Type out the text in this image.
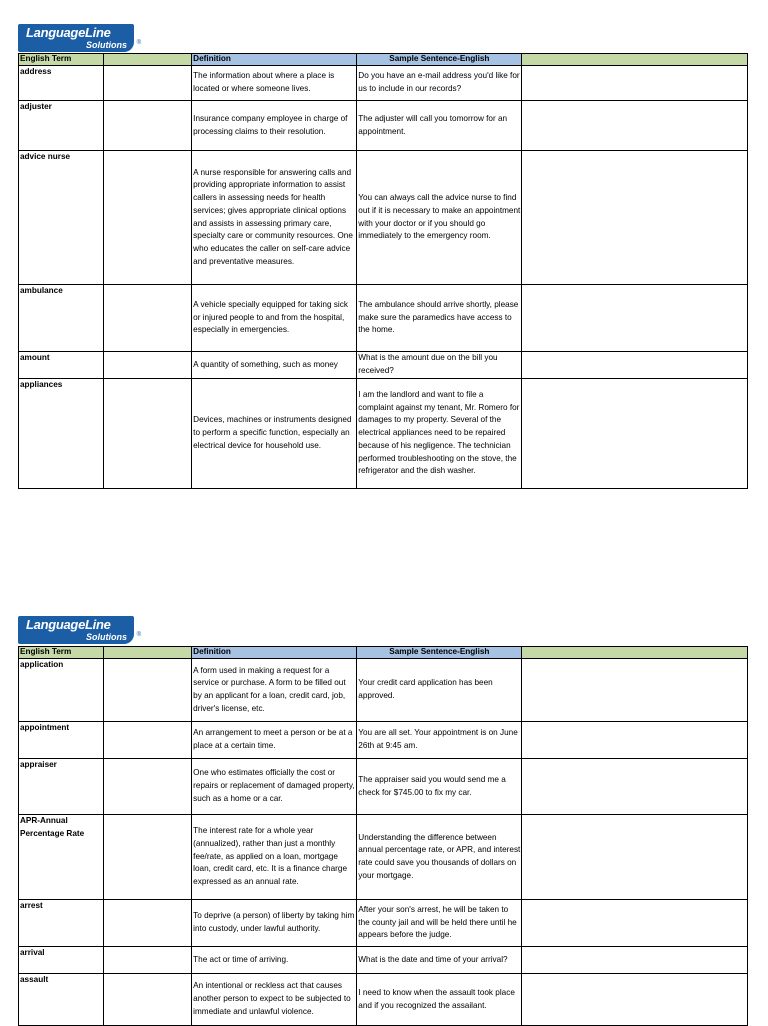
LanguageLine
Solutions	®
English Term		Definition	Sample Sentence-English	
address		The information about where a place is located or where someone lives.	Do you have an e-mail address you'd like for us to include in our records?	
adjuster		Insurance company employee in charge of processing claims to their resolution.	The adjuster will call you tomorrow for an appointment.	
advice nurse		A nurse responsible for answering calls and providing appropriate information to assist callers in assessing needs for health services; gives appropriate clinical options and assists in assessing primary care, specialty care or community resources. One who educates the caller on self-care advice and preventative measures.	You can always call the advice nurse to find out if it is necessary to make an appointment with your doctor or if you should go immediately to the emergency room.	
ambulance		A vehicle specially equipped for taking sick or injured people to and from the hospital, especially in emergencies.	The ambulance should arrive shortly, please make sure the paramedics have access to the home.	
amount		A quantity of something, such as money	What is the amount due on the bill you received?	
appliances		Devices, machines or instruments designed to perform a specific function, especially an electrical device for household use.	I am the landlord and want to file a complaint against my tenant, Mr. Romero for damages to my property. Several of the electrical appliances need to be repaired because of his negligence. The technician performed troubleshooting on the stove, the refrigerator and the dish washer.	
LanguageLine
Solutions	®
English Term		Definition	Sample Sentence-English	
application		A form used in making a request for a service or purchase. A form to be filled out by an applicant for a loan, credit card, job, driver's license, etc.	Your credit card application has been approved.	
appointment		An arrangement to meet a person or be at a place at a certain time.	You are all set. Your appointment is on June 26th at 9:45 am.	
appraiser		One who estimates officially the cost or repairs or replacement of damaged property, such as a home or a car.	The appraiser said you would send me a check for $745.00 to fix my car.	
APR-Annual Percentage Rate		The interest rate for a whole year (annualized), rather than just a monthly fee/rate, as applied on a loan, mortgage loan, credit card, etc. It is a finance charge expressed as an annual rate.	Understanding the difference between annual percentage rate, or APR, and interest rate could save you thousands of dollars on your mortgage.	
arrest		To deprive (a person) of liberty by taking him into custody, under lawful authority.	After your son's arrest, he will be taken to the county jail and will be held there until he appears before the judge.	
arrival		The act or time of arriving.	What is the date and time of your arrival?	
assault		An intentional or reckless act that causes another person to expect to be subjected to immediate and unlawful violence.	I need to know when the assault took place and if you recognized the assailant.	
